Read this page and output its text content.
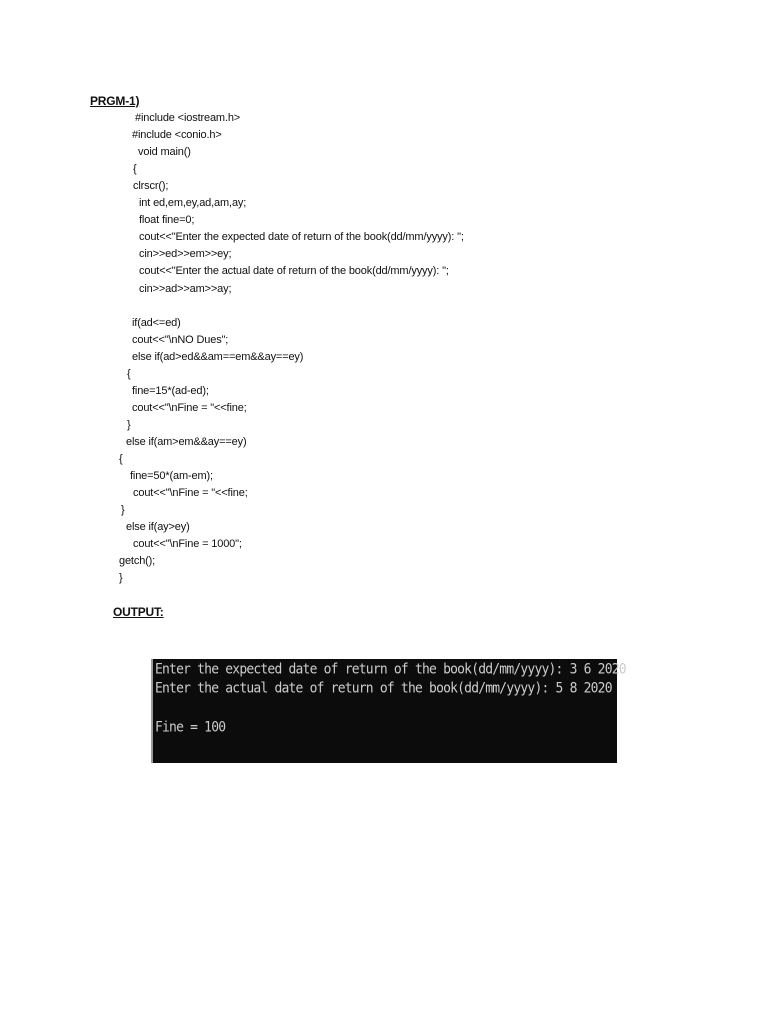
PRGM-1)
#include <iostream.h>
#include <conio.h>
void main()
{
clrscr();
int ed,em,ey,ad,am,ay;
float fine=0;
cout<<"Enter the expected date of return of the book(dd/mm/yyyy): ";
cin>>ed>>em>>ey;
cout<<"Enter the actual date of return of the book(dd/mm/yyyy): ";
cin>>ad>>am>>ay;
if(ad<=ed)
cout<<"\nNO Dues";
else if(ad>ed&&am==em&&ay==ey)
{
fine=15*(ad-ed);
cout<<"\nFine = "<<fine;
}
else if(am>em&&ay==ey)
{
fine=50*(am-em);
cout<<"\nFine = "<<fine;
}
else if(ay>ey)
cout<<"\nFine = 1000";
getch();
}
OUTPUT:
Enter the expected date of return of the book(dd/mm/yyyy): 3 6 2020
Enter the actual date of return of the book(dd/mm/yyyy): 5 8 2020
Fine = 100
